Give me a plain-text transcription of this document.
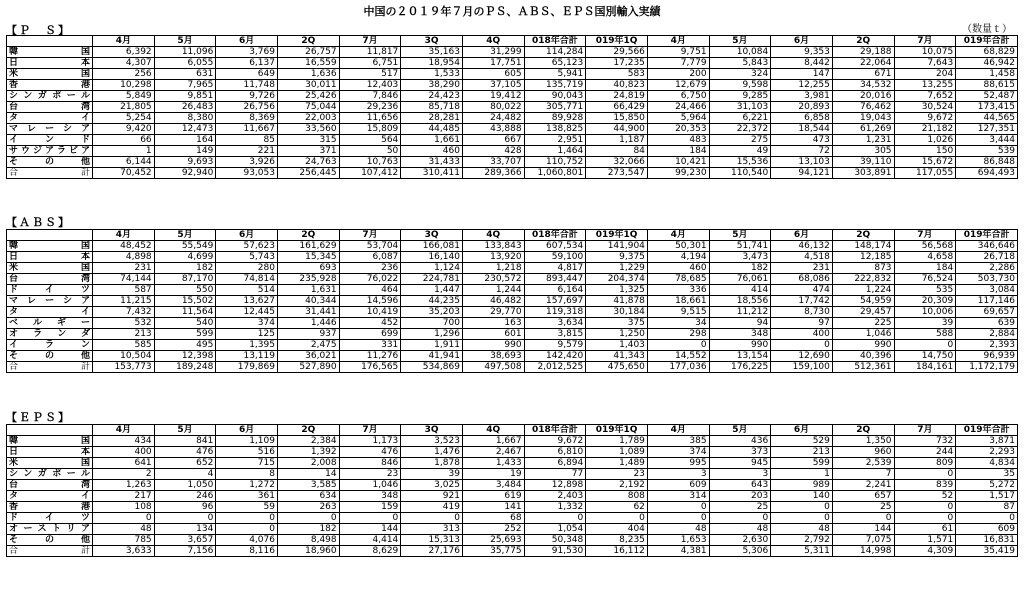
中国の２０１９年７月のＰＳ、ＡＢＳ、ＥＰＳ国別輸入実績
（数量ｔ）
【Ｐ　Ｓ】
	4月	5月	6月	2Q	7月	3Q	4Q	018年合計	019年1Q	4月	5月	6月	2Q	7月	019年合計
韓国	6,392	11,096	3,769	26,757	11,817	35,163	31,299	114,284	29,566	9,751	10,084	9,353	29,188	10,075	68,829
日本	4,307	6,055	6,137	16,559	6,751	18,954	17,751	65,123	17,235	7,779	5,843	8,442	22,064	7,643	46,942
米国	256	631	649	1,636	517	1,533	605	5,941	583	200	324	147	671	204	1,458
香港	10,298	7,965	11,748	30,011	12,403	38,290	37,105	135,719	40,823	12,679	9,598	12,255	34,532	13,255	88,615
シンガポール	5,849	9,851	9,726	25,426	7,846	24,423	19,412	90,043	24,819	6,750	9,285	3,981	20,016	7,652	52,487
台湾	21,805	26,483	26,756	75,044	29,236	85,718	80,022	305,771	66,429	24,466	31,103	20,893	76,462	30,524	173,415
タイ	5,254	8,380	8,369	22,003	11,656	28,281	24,482	89,928	15,850	5,964	6,221	6,858	19,043	9,672	44,565
マレーシア	9,420	12,473	11,667	33,560	15,809	44,485	43,888	138,825	44,900	20,353	22,372	18,544	61,269	21,182	127,351
インド	66	164	85	315	564	1,661	667	2,951	1,187	483	275	473	1,231	1,026	3,444
サウジアラビア	1	149	221	371	50	460	428	1,464	84	184	49	72	305	150	539
その他	6,144	9,693	3,926	24,763	10,763	31,433	33,707	110,752	32,066	10,421	15,536	13,103	39,110	15,672	86,848
合計	70,452	92,940	93,053	256,445	107,412	310,411	289,366	1,060,801	273,547	99,230	110,540	94,121	303,891	117,055	694,493
【ＡＢＳ】
	4月	5月	6月	2Q	7月	3Q	4Q	018年合計	019年1Q	4月	5月	6月	2Q	7月	019年合計
韓国	48,452	55,549	57,623	161,629	53,704	166,081	133,843	607,534	141,904	50,301	51,741	46,132	148,174	56,568	346,646
日本	4,898	4,699	5,743	15,345	6,087	16,140	13,920	59,100	9,375	4,194	3,473	4,518	12,185	4,658	26,718
米国	231	182	280	693	236	1,124	1,218	4,817	1,229	460	182	231	873	184	2,286
台湾	74,144	87,170	74,814	235,928	76,022	224,781	230,572	893,447	204,374	78,685	76,061	68,086	222,832	76,524	503,730
ドイツ	587	550	514	1,631	464	1,447	1,244	6,164	1,325	336	414	474	1,224	535	3,084
マレーシア	11,215	15,502	13,627	40,344	14,596	44,235	46,482	157,697	41,878	18,661	18,556	17,742	54,959	20,309	117,146
タイ	7,432	11,564	12,445	31,441	10,419	35,203	29,770	119,318	30,184	9,515	11,212	8,730	29,457	10,006	69,657
ベルギー	532	540	374	1,446	452	700	163	3,634	375	34	94	97	225	39	639
オランダ	213	599	125	937	699	1,296	601	3,815	1,250	298	348	400	1,046	588	2,884
イラン	585	495	1,395	2,475	331	1,911	990	9,579	1,403	0	990	0	990	0	2,393
その他	10,504	12,398	13,119	36,021	11,276	41,941	38,693	142,420	41,343	14,552	13,154	12,690	40,396	14,750	96,939
合計	153,773	189,248	179,869	527,890	176,565	534,869	497,508	2,012,525	475,650	177,036	176,225	159,100	512,361	184,161	1,172,179
【ＥＰＳ】
	4月	5月	6月	2Q	7月	3Q	4Q	018年合計	019年1Q	4月	5月	6月	2Q	7月	019年合計
韓国	434	841	1,109	2,384	1,173	3,523	1,667	9,672	1,789	385	436	529	1,350	732	3,871
日本	400	476	516	1,392	476	1,476	2,467	6,810	1,089	374	373	213	960	244	2,293
米国	641	652	715	2,008	846	1,878	1,433	6,894	1,489	995	945	599	2,539	809	4,834
シンガポール	2	4	8	14	23	39	19	77	23	3	3	1	7	0	35
台湾	1,263	1,050	1,272	3,585	1,046	3,025	3,484	12,898	2,192	609	643	989	2,241	839	5,272
タイ	217	246	361	634	348	921	619	2,403	808	314	203	140	657	52	1,517
香港	108	96	59	263	159	419	141	1,332	62	0	25	0	25	0	87
ドイツ	0	0	0	0	0	0	68	0	0	0	0	0	0	0	0
オーストリア	48	134	0	182	144	313	252	1,054	404	48	48	48	144	61	609
その他	785	3,657	4,076	8,498	4,414	15,313	25,693	50,348	8,235	1,653	2,630	2,792	7,075	1,571	16,831
合計	3,633	7,156	8,116	18,960	8,629	27,176	35,775	91,530	16,112	4,381	5,306	5,311	14,998	4,309	35,419
